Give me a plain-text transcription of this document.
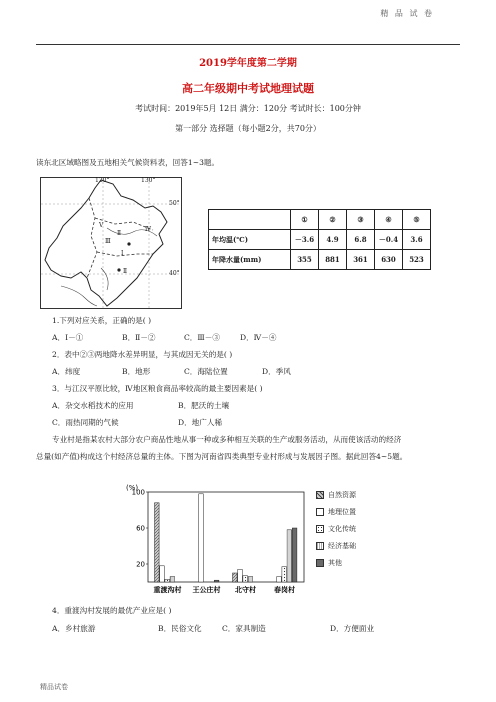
精 品 试 卷
2019学年度第二学期
高二年级期中考试地理试题
考试时间：2019年5月 12日 满分：120分 考试时长：100分钟
第一部分 选择题（每小题2分，共70分）
读东北区域略图及五地相关气候资料表，回答1~3题。
120°	130°
50°
40°
Ⅰ
Ⅱ
Ⅱ
Ⅲ
Ⅳ
Ⅴ
	①	②	③	④	⑤
年均温(℃)	－3.6	4.9	6.8	－0.4	3.6
年降水量(mm)	355	881	361	630	523
1.下列对应关系，正确的是( )
A．Ⅰ－①	B．Ⅱ－②	C．Ⅲ－③	D．Ⅳ－④
2．表中②③两地降水差异明显，与其成因无关的是( )
A．纬度	B．地形	C．海陆位置	D．季风
3．与江汉平原比较，Ⅳ地区粮食商品率较高的最主要因素是( )
A．杂交水稻技术的应用	B．肥沃的土壤
C．雨热同期的气候	D．地广人稀
专业村是指某农村大部分农户商品性地从事一种或多种相互关联的生产或服务活动，从而使该活动的经济
总量(如产值)构成这个村经济总量的主体。下图为河南省四类典型专业村形成与发展因子图。据此回答4~5题。
(%)
100
60
20
重渡沟村 王公庄村 北守村	春岗村
自然资源
地理位置
文化传统
经济基础
其他
4．重渡沟村发展的最优产业应是( )
A．乡村旅游	B．民俗文化	C．家具制造	D．方便面业
精品试卷
